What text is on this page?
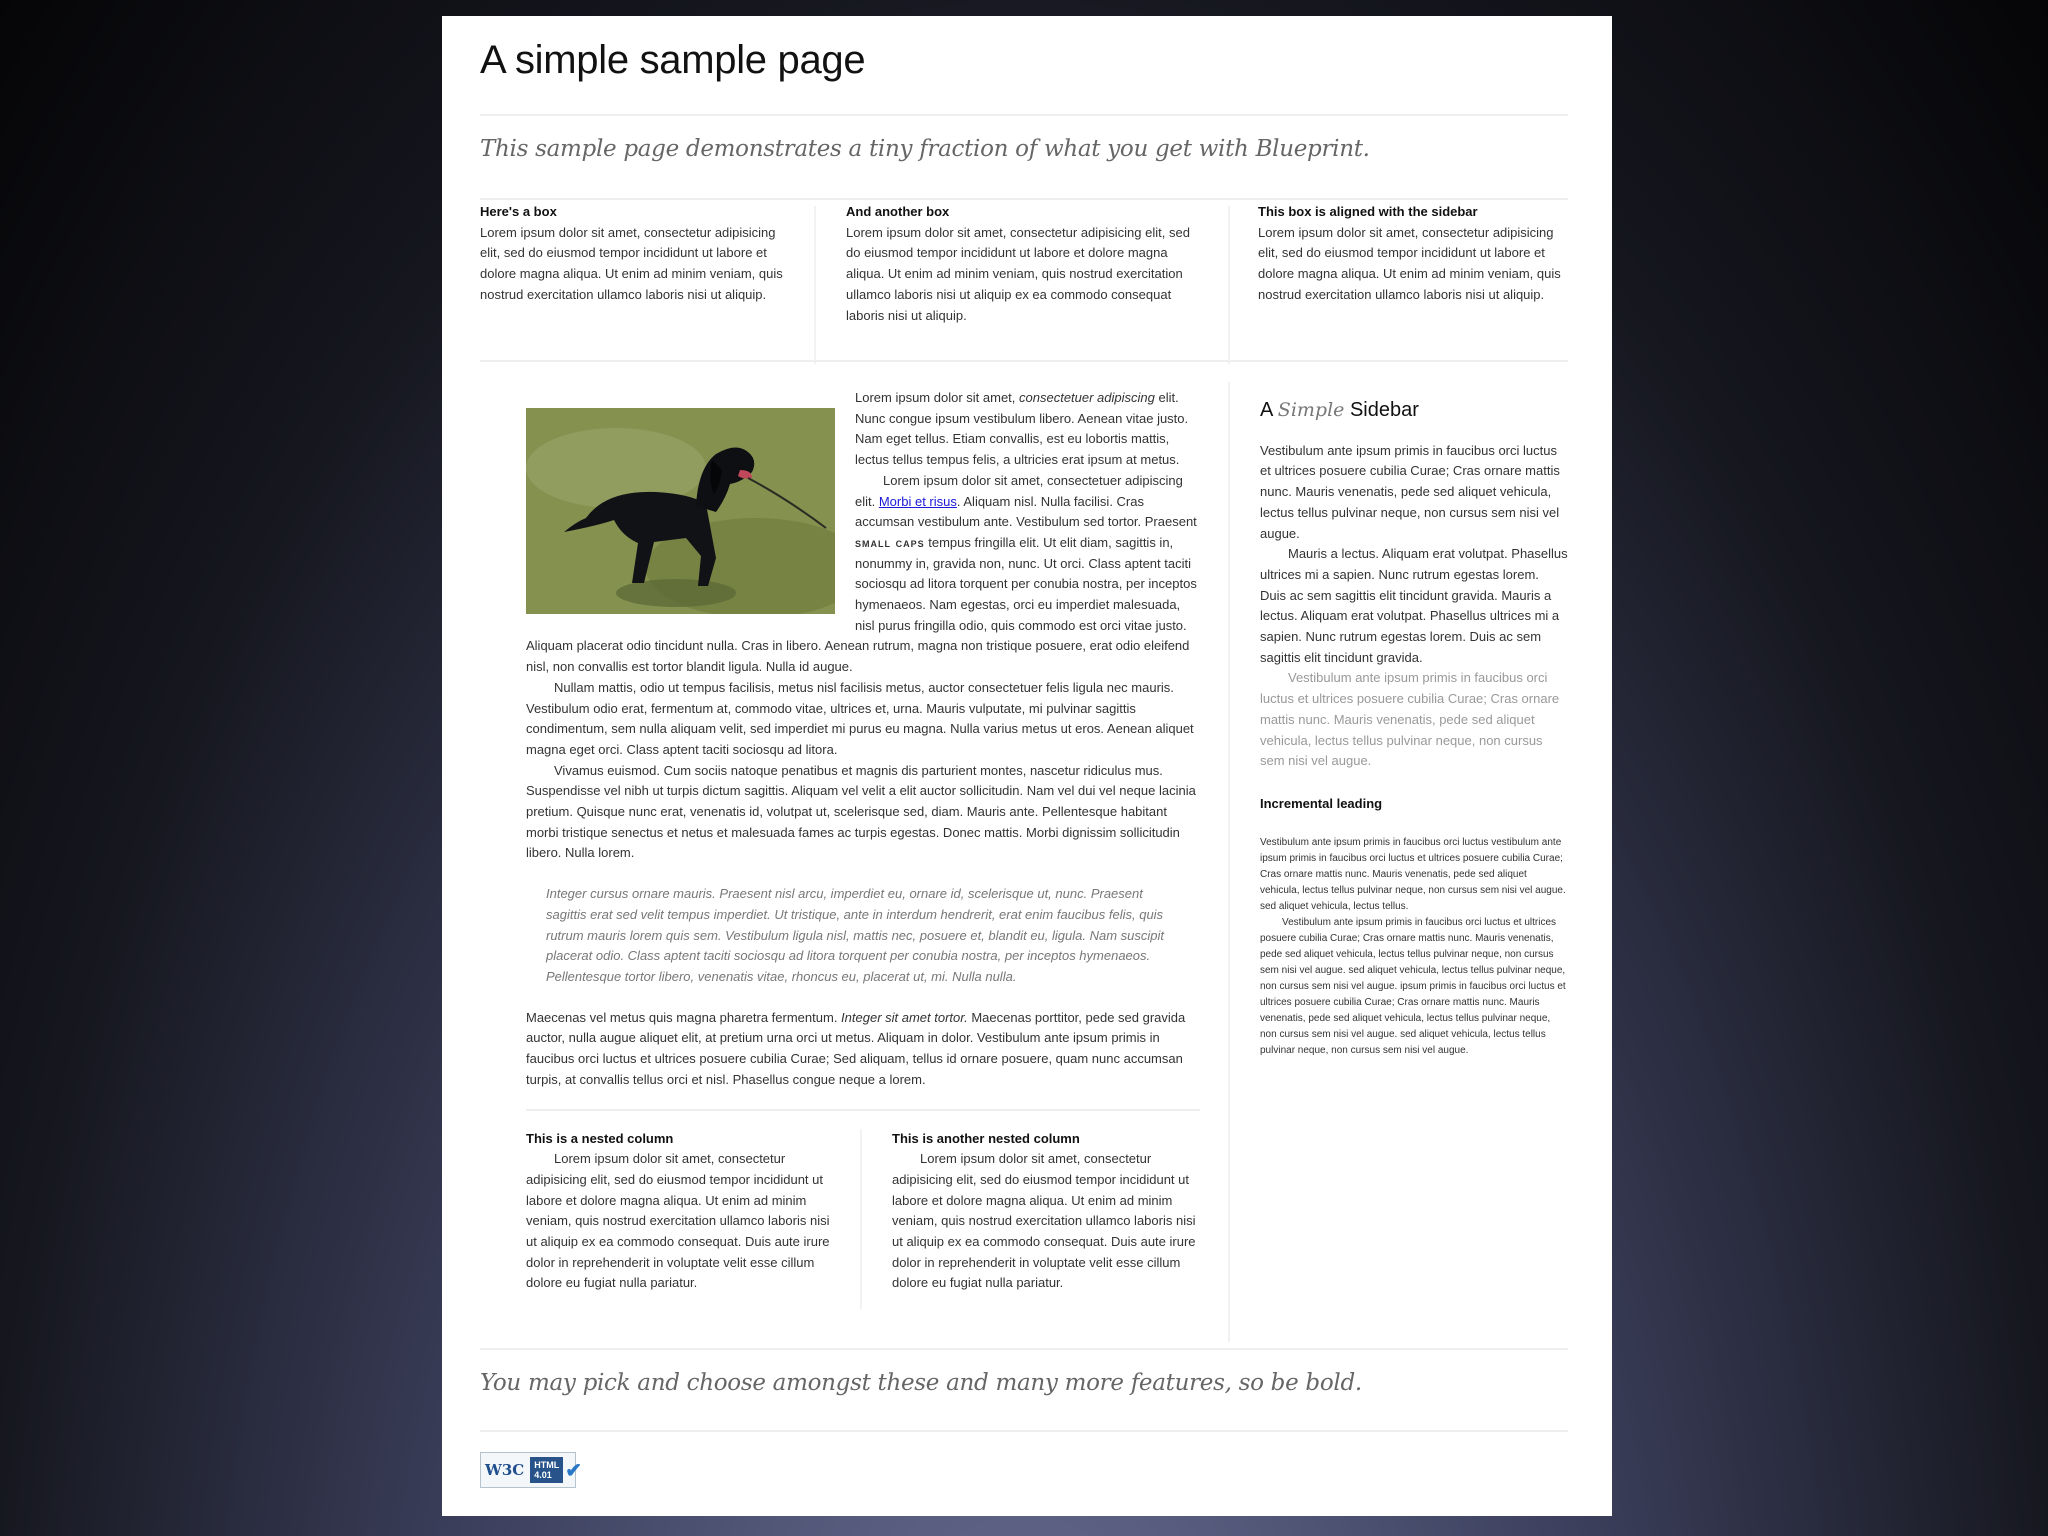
A simple sample page

This sample page demonstrates a tiny fraction of what you get with Blueprint.

Here's a box

Lorem ipsum dolor sit amet, consectetur adipisicing elit, sed do eiusmod tempor incididunt ut labore et dolore magna aliqua. Ut enim ad minim veniam, quis nostrud exercitation ullamco laboris nisi ut aliquip.

And another box

Lorem ipsum dolor sit amet, consectetur adipisicing elit, sed do eiusmod tempor incididunt ut labore et dolore magna aliqua. Ut enim ad minim veniam, quis nostrud exercitation ullamco laboris nisi ut aliquip ex ea commodo consequat laboris nisi ut aliquip.

This box is aligned with the sidebar

Lorem ipsum dolor sit amet, consectetur adipisicing elit, sed do eiusmod tempor incididunt ut labore et dolore magna aliqua. Ut enim ad minim veniam, quis nostrud exercitation ullamco laboris nisi ut aliquip.

Lorem ipsum dolor sit amet, consectetuer adipiscing elit. Nunc congue ipsum vestibulum libero. Aenean vitae justo. Nam eget tellus. Etiam convallis, est eu lobortis mattis, lectus tellus tempus felis, a ultricies erat ipsum at metus.

Lorem ipsum dolor sit amet, consectetuer adipiscing elit. Morbi et risus. Aliquam nisl. Nulla facilisi. Cras accumsan vestibulum ante. Vestibulum sed tortor. Praesent small caps tempus fringilla elit. Ut elit diam, sagittis in, nonummy in, gravida non, nunc. Ut orci. Class aptent taciti sociosqu ad litora torquent per conubia nostra, per inceptos hymenaeos. Nam egestas, orci eu imperdiet malesuada, nisl purus fringilla odio, quis commodo est orci vitae justo. Aliquam placerat odio tincidunt nulla. Cras in libero. Aenean rutrum, magna non tristique posuere, erat odio eleifend nisl, non convallis est tortor blandit ligula. Nulla id augue.

Nullam mattis, odio ut tempus facilisis, metus nisl facilisis metus, auctor consectetuer felis ligula nec mauris. Vestibulum odio erat, fermentum at, commodo vitae, ultrices et, urna. Mauris vulputate, mi pulvinar sagittis condimentum, sem nulla aliquam velit, sed imperdiet mi purus eu magna. Nulla varius metus ut eros. Aenean aliquet magna eget orci. Class aptent taciti sociosqu ad litora.

Vivamus euismod. Cum sociis natoque penatibus et magnis dis parturient montes, nascetur ridiculus mus. Suspendisse vel nibh ut turpis dictum sagittis. Aliquam vel velit a elit auctor sollicitudin. Nam vel dui vel neque lacinia pretium. Quisque nunc erat, venenatis id, volutpat ut, scelerisque sed, diam. Mauris ante. Pellentesque habitant morbi tristique senectus et netus et malesuada fames ac turpis egestas. Donec mattis. Morbi dignissim sollicitudin libero. Nulla lorem.

Integer cursus ornare mauris. Praesent nisl arcu, imperdiet eu, ornare id, scelerisque ut, nunc. Praesent sagittis erat sed velit tempus imperdiet. Ut tristique, ante in interdum hendrerit, erat enim faucibus felis, quis rutrum mauris lorem quis sem. Vestibulum ligula nisl, mattis nec, posuere et, blandit eu, ligula. Nam suscipit placerat odio. Class aptent taciti sociosqu ad litora torquent per conubia nostra, per inceptos hymenaeos. Pellentesque tortor libero, venenatis vitae, rhoncus eu, placerat ut, mi. Nulla nulla.

Maecenas vel metus quis magna pharetra fermentum. Integer sit amet tortor. Maecenas porttitor, pede sed gravida auctor, nulla augue aliquet elit, at pretium urna orci ut metus. Aliquam in dolor. Vestibulum ante ipsum primis in faucibus orci luctus et ultrices posuere cubilia Curae; Sed aliquam, tellus id ornare posuere, quam nunc accumsan turpis, at convallis tellus orci et nisl. Phasellus congue neque a lorem.

This is a nested column

Lorem ipsum dolor sit amet, consectetur adipisicing elit, sed do eiusmod tempor incididunt ut labore et dolore magna aliqua. Ut enim ad minim veniam, quis nostrud exercitation ullamco laboris nisi ut aliquip ex ea commodo consequat. Duis aute irure dolor in reprehenderit in voluptate velit esse cillum dolore eu fugiat nulla pariatur.

This is another nested column

Lorem ipsum dolor sit amet, consectetur adipisicing elit, sed do eiusmod tempor incididunt ut labore et dolore magna aliqua. Ut enim ad minim veniam, quis nostrud exercitation ullamco laboris nisi ut aliquip ex ea commodo consequat. Duis aute irure dolor in reprehenderit in voluptate velit esse cillum dolore eu fugiat nulla pariatur.

A Simple Sidebar

Vestibulum ante ipsum primis in faucibus orci luctus et ultrices posuere cubilia Curae; Cras ornare mattis nunc. Mauris venenatis, pede sed aliquet vehicula, lectus tellus pulvinar neque, non cursus sem nisi vel augue.

Mauris a lectus. Aliquam erat volutpat. Phasellus ultrices mi a sapien. Nunc rutrum egestas lorem. Duis ac sem sagittis elit tincidunt gravida. Mauris a lectus. Aliquam erat volutpat. Phasellus ultrices mi a sapien. Nunc rutrum egestas lorem. Duis ac sem sagittis elit tincidunt gravida.

Vestibulum ante ipsum primis in faucibus orci luctus et ultrices posuere cubilia Curae; Cras ornare mattis nunc. Mauris venenatis, pede sed aliquet vehicula, lectus tellus pulvinar neque, non cursus sem nisi vel augue.

Incremental leading

Vestibulum ante ipsum primis in faucibus orci luctus vestibulum ante ipsum primis in faucibus orci luctus et ultrices posuere cubilia Curae; Cras ornare mattis nunc. Mauris venenatis, pede sed aliquet vehicula, lectus tellus pulvinar neque, non cursus sem nisi vel augue. sed aliquet vehicula, lectus tellus.

Vestibulum ante ipsum primis in faucibus orci luctus et ultrices posuere cubilia Curae; Cras ornare mattis nunc. Mauris venenatis, pede sed aliquet vehicula, lectus tellus pulvinar neque, non cursus sem nisi vel augue. sed aliquet vehicula, lectus tellus pulvinar neque, non cursus sem nisi vel augue. ipsum primis in faucibus orci luctus et ultrices posuere cubilia Curae; Cras ornare mattis nunc. Mauris venenatis, pede sed aliquet vehicula, lectus tellus pulvinar neque, non cursus sem nisi vel augue. sed aliquet vehicula, lectus tellus pulvinar neque, non cursus sem nisi vel augue.

You may pick and choose amongst these and many more features, so be bold.

W3C	HTML
4.01 ✔
